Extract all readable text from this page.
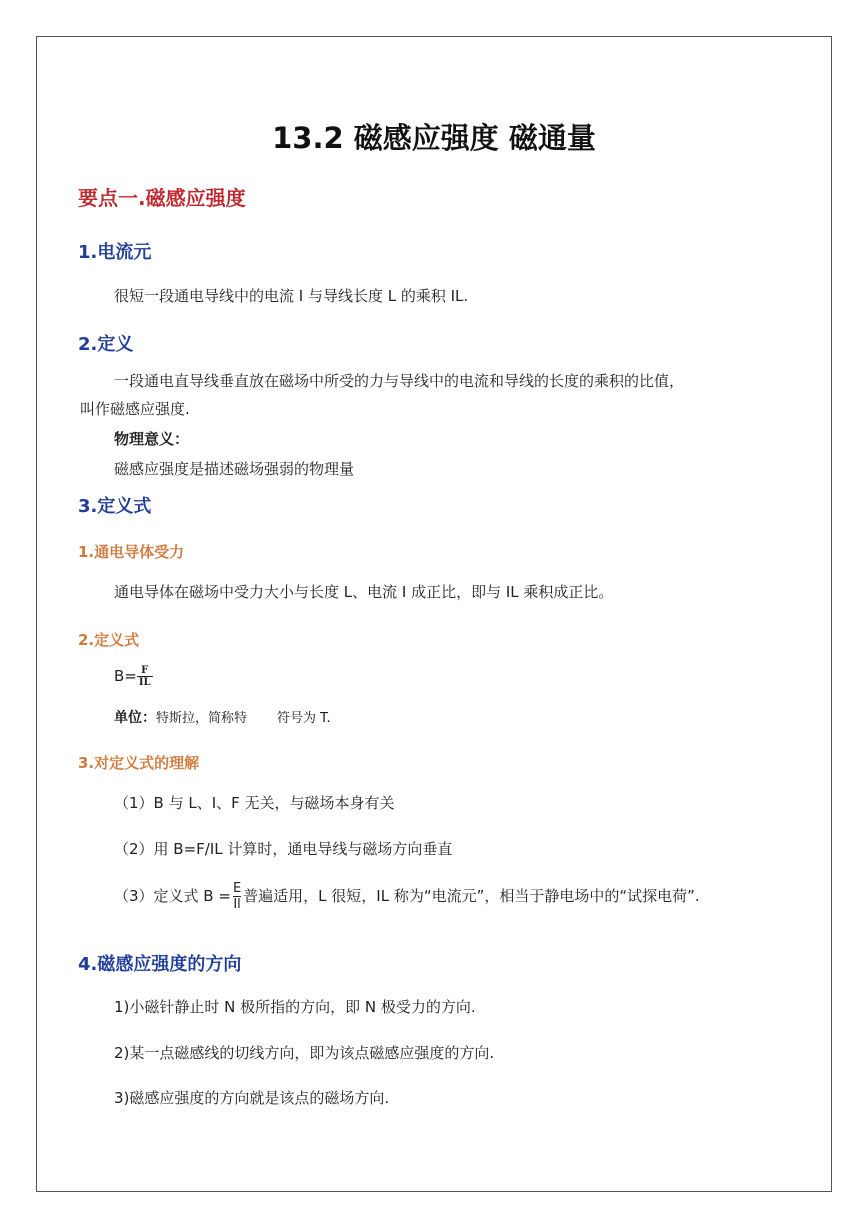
13.2 磁感应强度 磁通量
要点一.磁感应强度
1.电流元
很短一段通电导线中的电流 I 与导线长度 L 的乘积 IL.
2.定义
一段通电直导线垂直放在磁场中所受的力与导线中的电流和导线的长度的乘积的比值，
叫作磁感应强度.
物理意义：
磁感应强度是描述磁场强弱的物理量
3.定义式
1.通电导体受力
通电导体在磁场中受力大小与长度 L、电流 I 成正比，即与 IL 乘积成正比。
2.定义式
$B= \frac{F}{IL}$
单位：特斯拉，简称特 符号为 T.
3.对定义式的理解
（1）B 与 L、I、F 无关，与磁场本身有关
（2）用 B=F/IL 计算时，通电导线与磁场方向垂直
（3）定义式 $B = \frac{E}{Il}$ 普遍适用，L 很短，IL 称为“电流元”，相当于静电场中的“试探电荷”.
4.磁感应强度的方向
1)小磁针静止时 N 极所指的方向，即 N 极受力的方向.
2)某一点磁感线的切线方向，即为该点磁感应强度的方向.
3)磁感应强度的方向就是该点的磁场方向.
